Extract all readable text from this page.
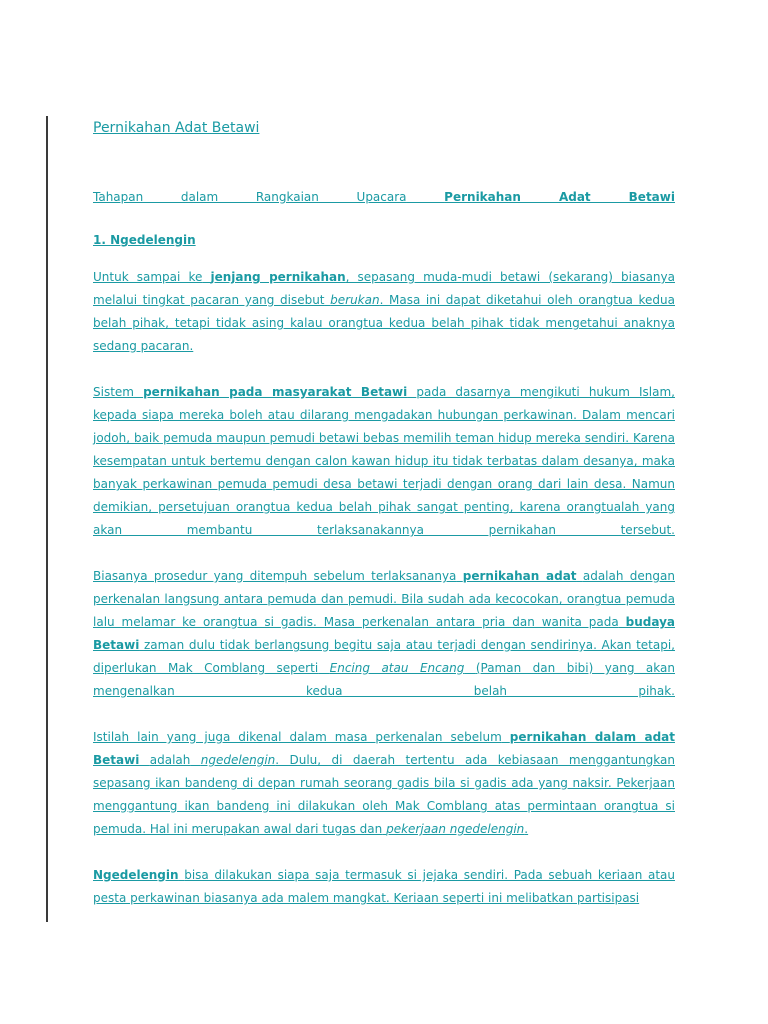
Pernikahan Adat Betawi

Tahapan dalam Rangkaian Upacara	Pernikahan Adat Betawi

1. Ngedelengin

Untuk sampai ke jenjang pernikahan, sepasang muda-mudi betawi (sekarang) biasanya melalui tingkat pacaran yang disebut berukan. Masa ini dapat diketahui oleh orangtua kedua belah pihak, tetapi tidak asing kalau orangtua kedua belah pihak tidak mengetahui anaknya sedang pacaran.

Sistem pernikahan pada masyarakat Betawi pada dasarnya mengikuti hukum Islam, kepada siapa mereka boleh atau dilarang mengadakan hubungan perkawinan. Dalam mencari jodoh, baik pemuda maupun pemudi betawi bebas memilih teman hidup mereka sendiri. Karena kesempatan untuk bertemu dengan calon kawan hidup itu tidak terbatas dalam desanya, maka banyak perkawinan pemuda pemudi desa betawi terjadi dengan orang dari lain desa. Namun demikian, persetujuan orangtua kedua belah pihak sangat penting, karena orangtualah yang akan membantu terlaksanakannya pernikahan tersebut.

Biasanya prosedur yang ditempuh sebelum terlaksananya pernikahan adat adalah dengan perkenalan langsung antara pemuda dan pemudi. Bila sudah ada kecocokan, orangtua pemuda lalu melamar ke orangtua si gadis. Masa perkenalan antara pria dan wanita pada budaya Betawi zaman dulu tidak berlangsung begitu saja atau terjadi dengan sendirinya. Akan tetapi, diperlukan Mak Comblang seperti Encing atau Encang (Paman dan bibi) yang akan mengenalkan kedua belah pihak.

Istilah lain yang juga dikenal dalam masa perkenalan sebelum pernikahan dalam adat Betawi adalah ngedelengin. Dulu, di daerah tertentu ada kebiasaan menggantungkan sepasang ikan bandeng di depan rumah seorang gadis bila si gadis ada yang naksir. Pekerjaan menggantung ikan bandeng ini dilakukan oleh Mak Comblang atas permintaan orangtua si pemuda. Hal ini merupakan awal dari tugas dan pekerjaan ngedelengin.

Ngedelengin bisa dilakukan siapa saja termasuk si jejaka sendiri. Pada sebuah keriaan atau pesta perkawinan biasanya ada malem mangkat. Keriaan seperti ini melibatkan partisipasi
